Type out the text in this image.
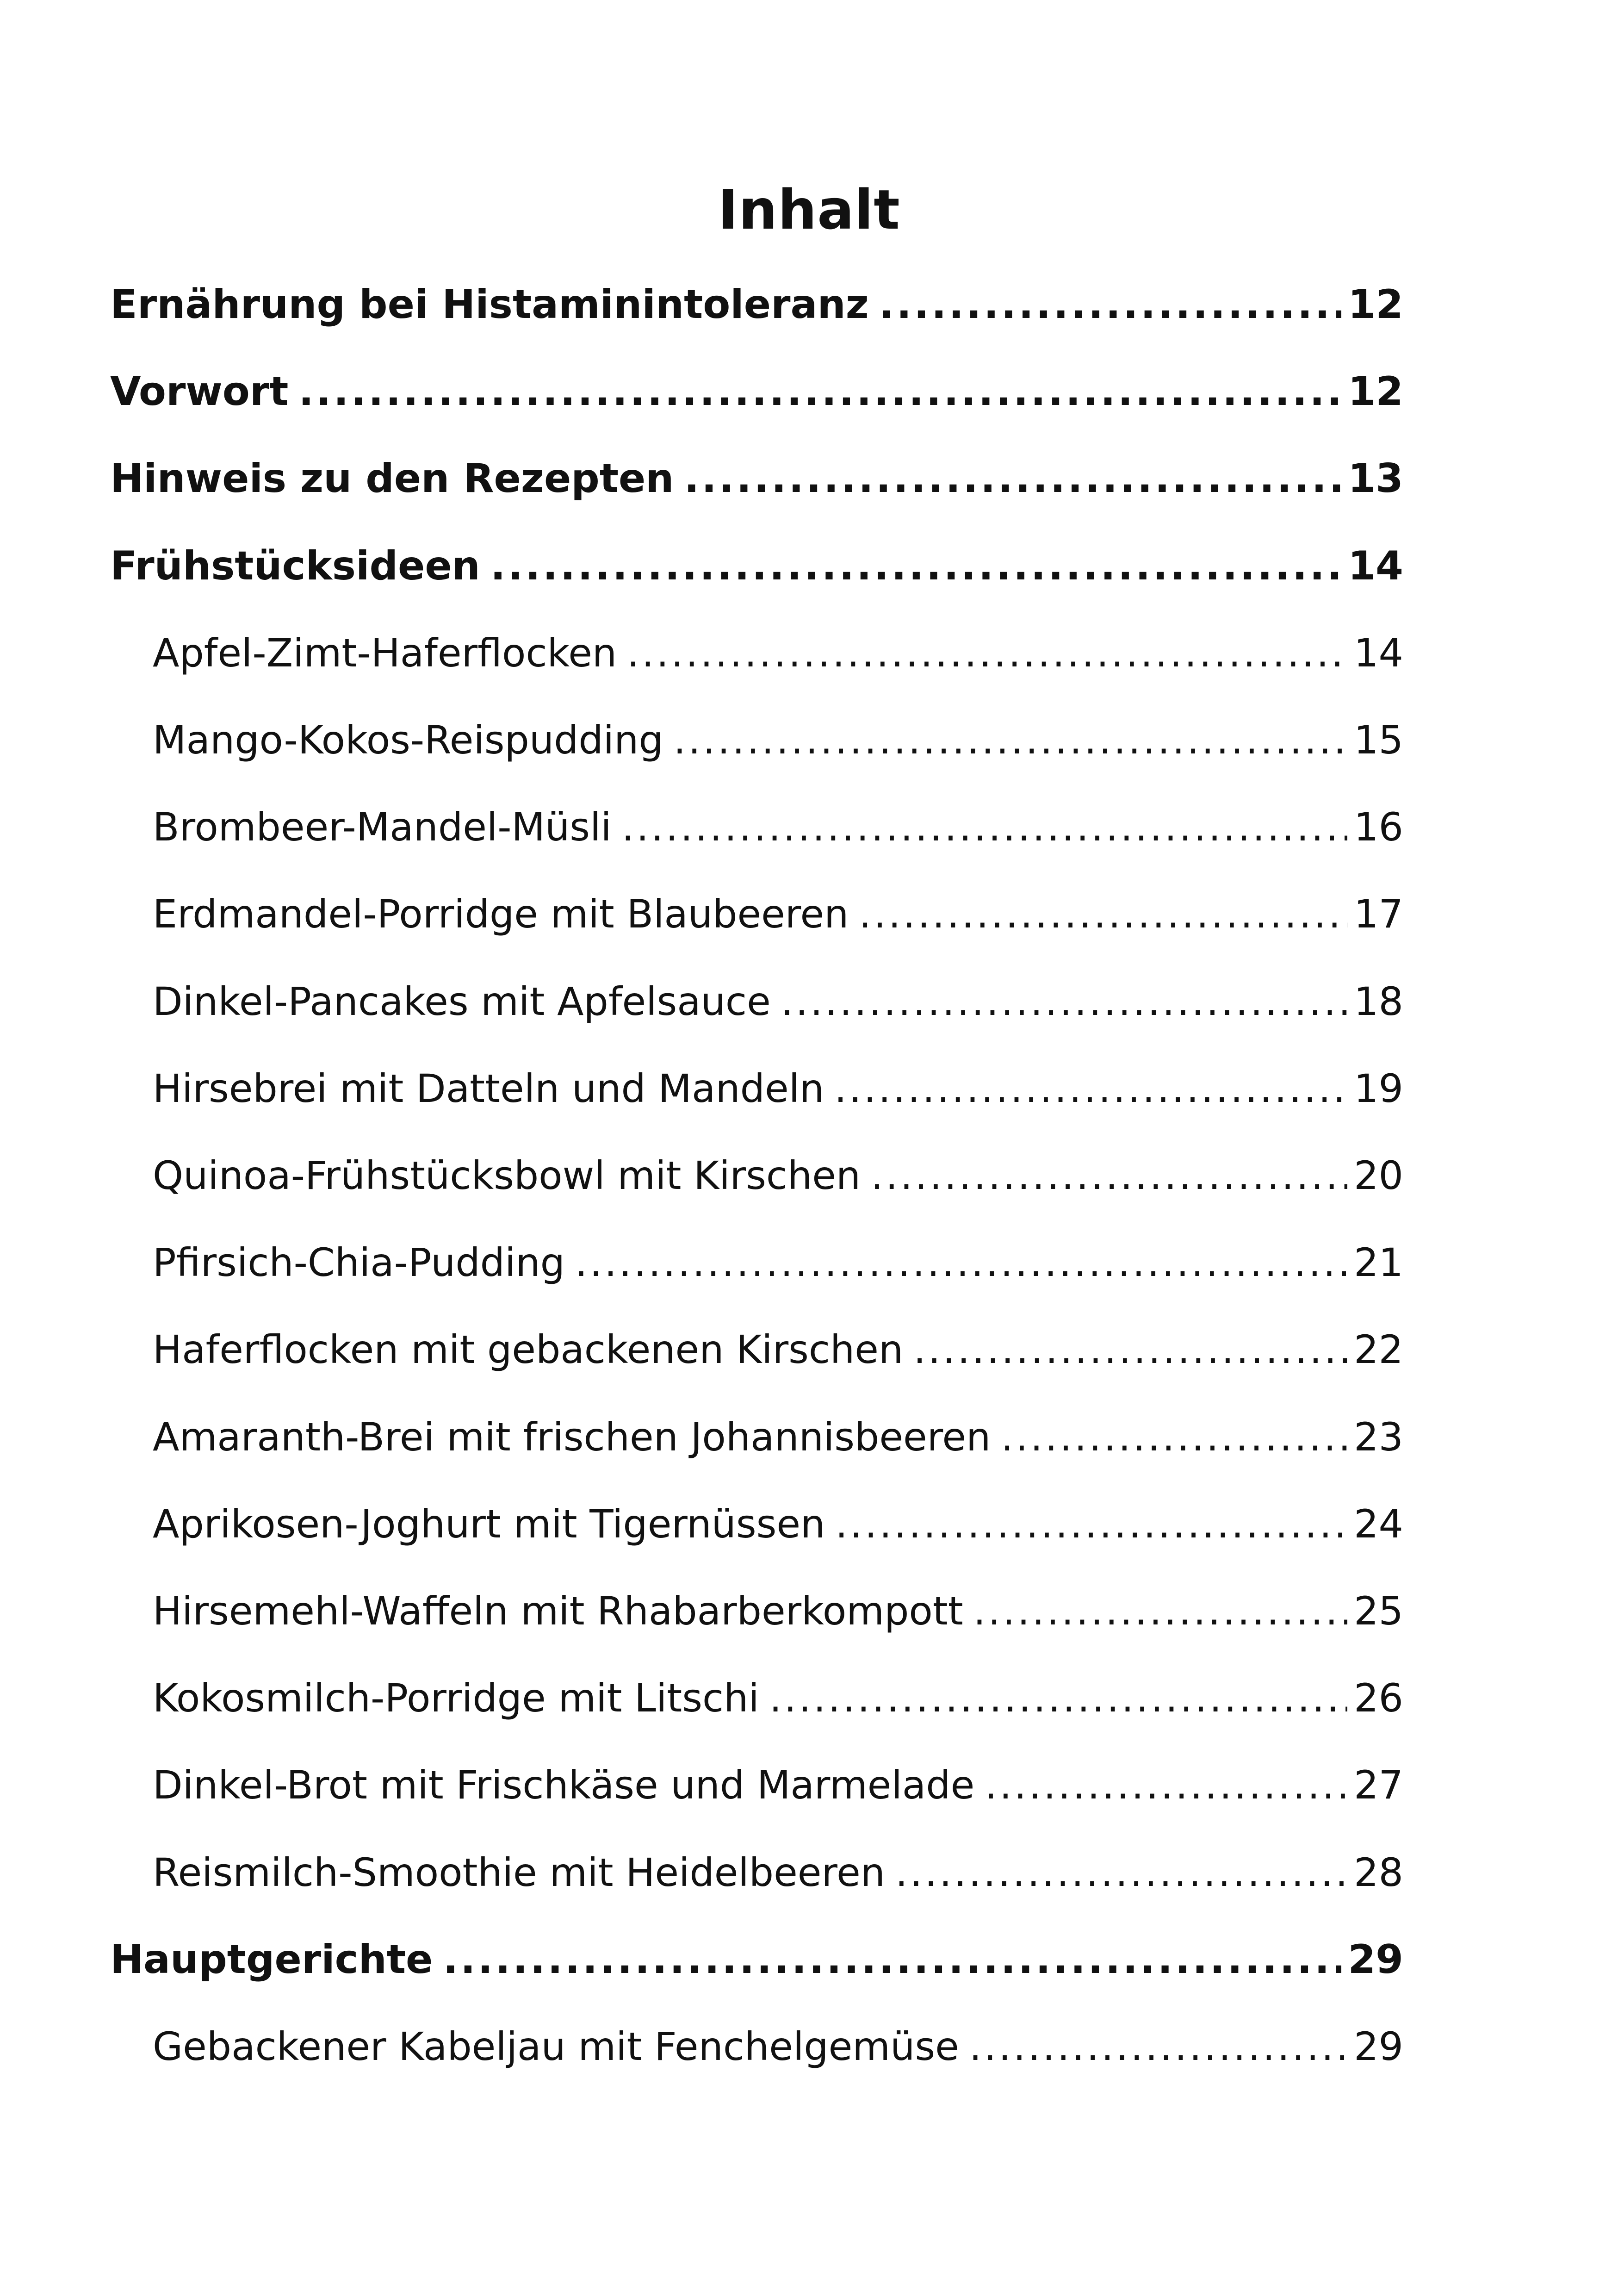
Inhalt
Ernährung bei Histaminintoleranz .....	12
Vorwort .....	12
Hinweis zu den Rezepten .....	13
Frühstücksideen .....	14
Apfel-Zimt-Haferflocken .....	14
Mango-Kokos-Reispudding .....	15
Brombeer-Mandel-Müsli .....	16
Erdmandel-Porridge mit Blaubeeren .....	17
Dinkel-Pancakes mit Apfelsauce .....	18
Hirsebrei mit Datteln und Mandeln .....	19
Quinoa-Frühstücksbowl mit Kirschen .....	20
Pfirsich-Chia-Pudding .....	21
Haferflocken mit gebackenen Kirschen .....	22
Amaranth-Brei mit frischen Johannisbeeren .....	23
Aprikosen-Joghurt mit Tigernüssen .....	24
Hirsemehl-Waffeln mit Rhabarberkompott .....	25
Kokosmilch-Porridge mit Litschi .....	26
Dinkel-Brot mit Frischkäse und Marmelade .....	27
Reismilch-Smoothie mit Heidelbeeren .....	28
Hauptgerichte .....	29
Gebackener Kabeljau mit Fenchelgemüse .....	29
